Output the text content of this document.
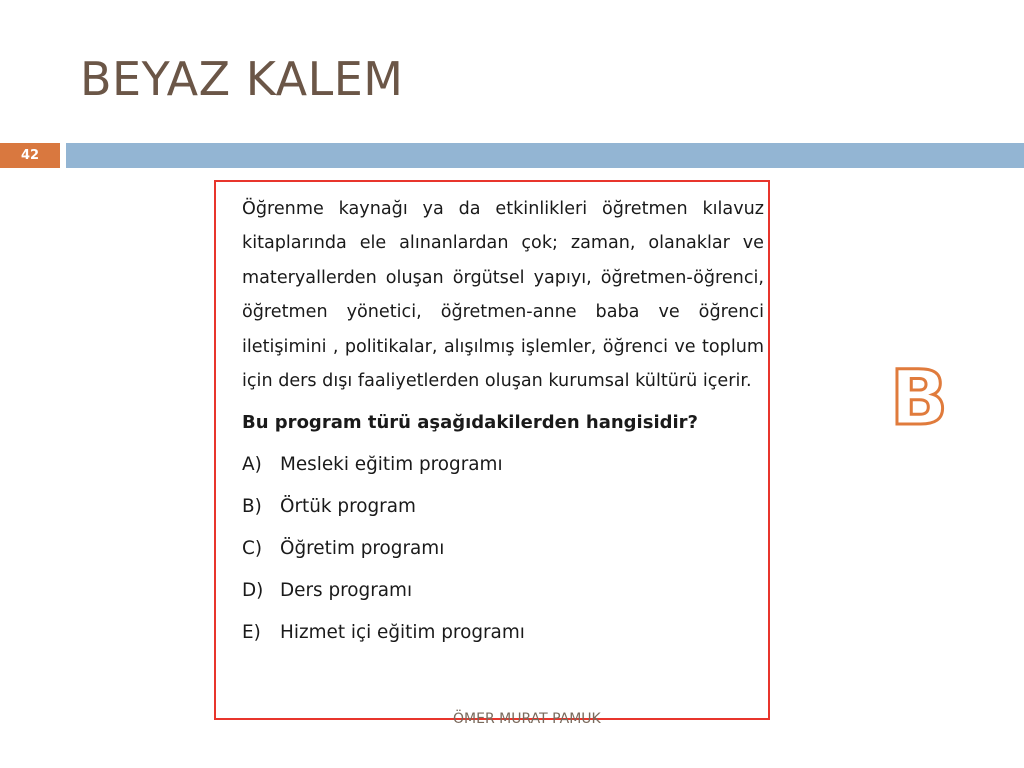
BEYAZ KALEM
42

Öğrenme kaynağı ya da etkinlikleri öğretmen kılavuz kitaplarında ele alınanlardan çok; zaman, olanaklar ve materyallerden oluşan örgütsel yapıyı, öğretmen-öğrenci, öğretmen yönetici, öğretmen-anne baba ve öğrenci iletişimini , politikalar, alışılmış işlemler, öğrenci ve toplum için ders dışı faaliyetlerden oluşan kurumsal kültürü içerir.

Bu program türü aşağıdakilerden hangisidir?
A) Mesleki eğitim programı
B) Örtük program
C) Öğretim programı
D) Ders programı
E)	Hizmet içi eğitim programı
B
ÖMER MURAT PAMUK
